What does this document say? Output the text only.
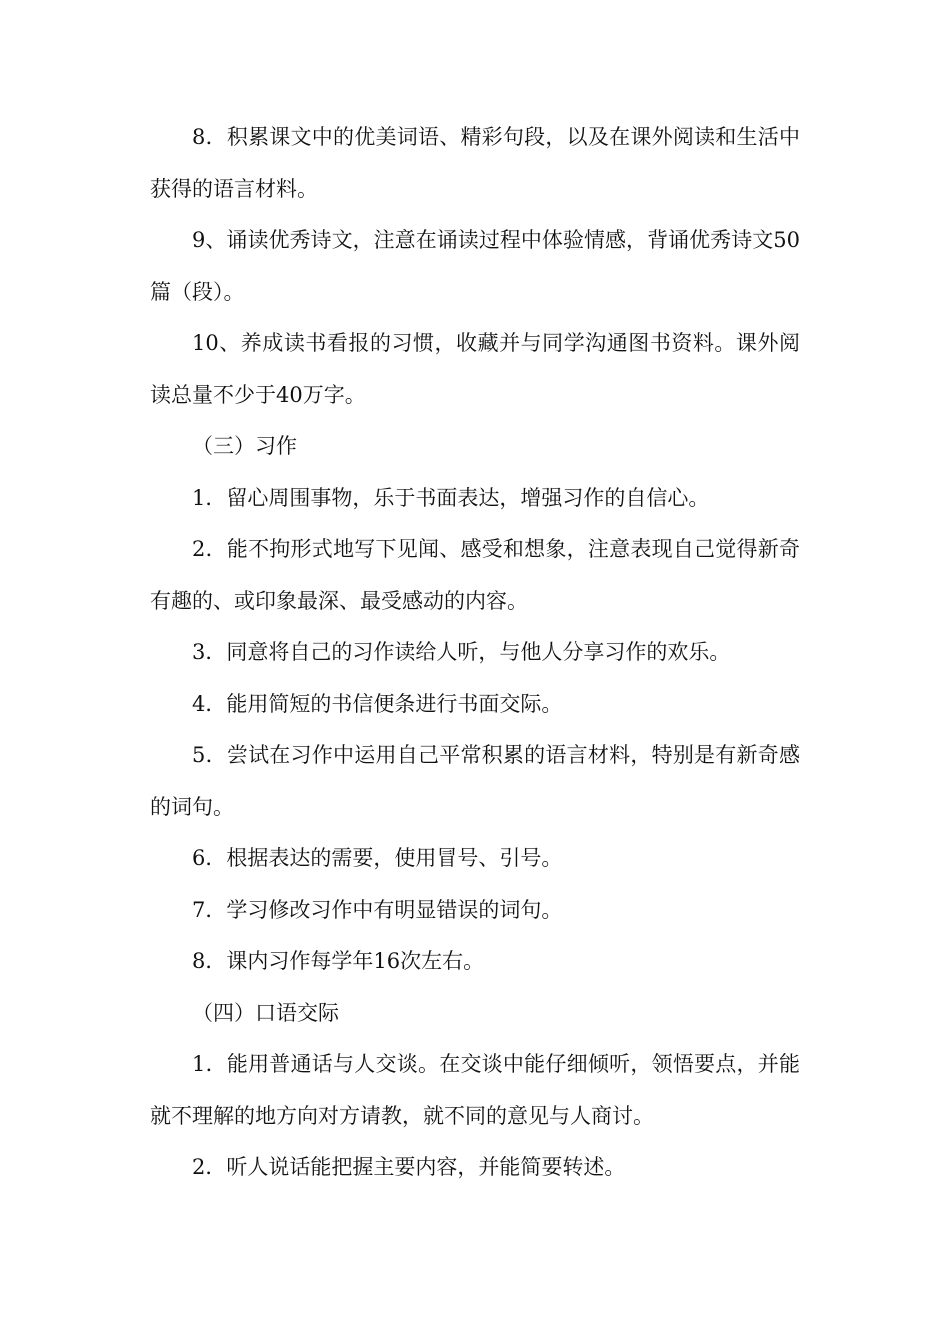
8．积累课文中的优美词语、精彩句段，以及在课外阅读和生活中获得的语言材料。

9、诵读优秀诗文，注意在诵读过程中体验情感，背诵优秀诗文50篇（段）。

10、养成读书看报的习惯，收藏并与同学沟通图书资料。课外阅读总量不少于40万字。

（三）习作

1．留心周围事物，乐于书面表达，增强习作的自信心。

2．能不拘形式地写下见闻、感受和想象，注意表现自己觉得新奇有趣的、或印象最深、最受感动的内容。

3．同意将自己的习作读给人听，与他人分享习作的欢乐。

4．能用简短的书信便条进行书面交际。

5．尝试在习作中运用自己平常积累的语言材料，特别是有新奇感的词句。

6．根据表达的需要，使用冒号、引号。

7．学习修改习作中有明显错误的词句。

8．课内习作每学年16次左右。

（四）口语交际

1．能用普通话与人交谈。在交谈中能仔细倾听，领悟要点，并能就不理解的地方向对方请教，就不同的意见与人商讨。

2．听人说话能把握主要内容，并能简要转述。
